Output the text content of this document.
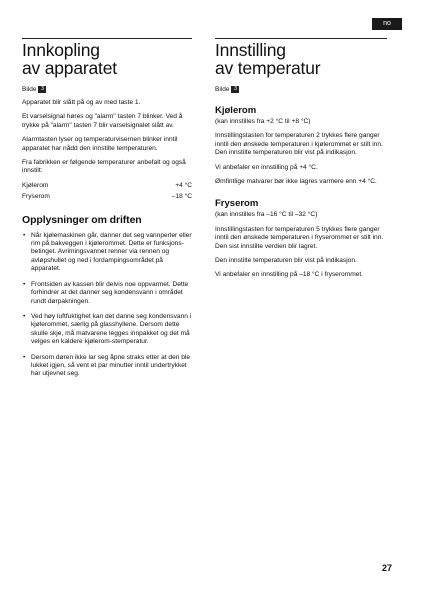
no
Innkopling
av apparatet
Bilde 3

Apparatet blir slått på og av med taste 1.

Et varselsignal høres og "alarm" tasten 7 blinker. Ved å trykke på "alarm" tasten 7 blir varselsignalet slått av.

Alarmtasten lyser og temperaturvisernen blinker inntil apparatet har nådd den innstilte temperaturen.

Fra fabrikken er følgende temperaturer anbefalt og også innstilt:

Kjølerom	+4 °C
Fryserom	–18 °C
Opplysninger om driften
• Når kjølemaskinen går, danner det seg vannperler eller rim på bakveggen i kjølerommet. Dette er funksjons-betinget. Avrimingsvannet renner via rennen og avløpshullet og ned i fordampingsområdet på apparatet.
• Frontsiden av kassen blir delvis noe oppvarmet. Dette forhindrer at det danner seg kondensvann i området rundt dørpakningen.
• Ved høy luftfuktighet kan det danne seg kondensvann i kjølerommet, særlig på glasshyllene. Dersom dette skulle skje, må matvarene legges innpakket og det må velges en kaldere kjølerom-stemperatur.
• Dersom døren ikke lar seg åpne straks etter at den ble lukket igjen, så vent et par minutter inntil undertrykket har utjevnet seg.
Innstilling
av temperatur
Bilde 3
Kjølerom
(kan innstilles fra +2 °C til +8 °C)

Innstillingstasten for temperaturen 2 trykkes flere ganger inntil den ønskede temperaturen i kjølerommet er stilt inn. Den innstilte temperaturen blir vist på indikasjon.

Vi anbefaler en innstilling på +4 °C.

Ømfintlige matvarer bør ikke lagres varmere enn +4 °C.

Fryserom
(kan innstilles fra –16 °C til –32 °C)

Innstillingstasten for temperaturen 5 trykkes flere ganger inntil den ønskede temperaturen i fryserommet er stilt inn. Den sist innstilte verdien blir lagret.

Den innstilte temperaturen blir vist på indikasjon.

Vi anbefaler en innstilling på –18 °C i fryserommet.

27
